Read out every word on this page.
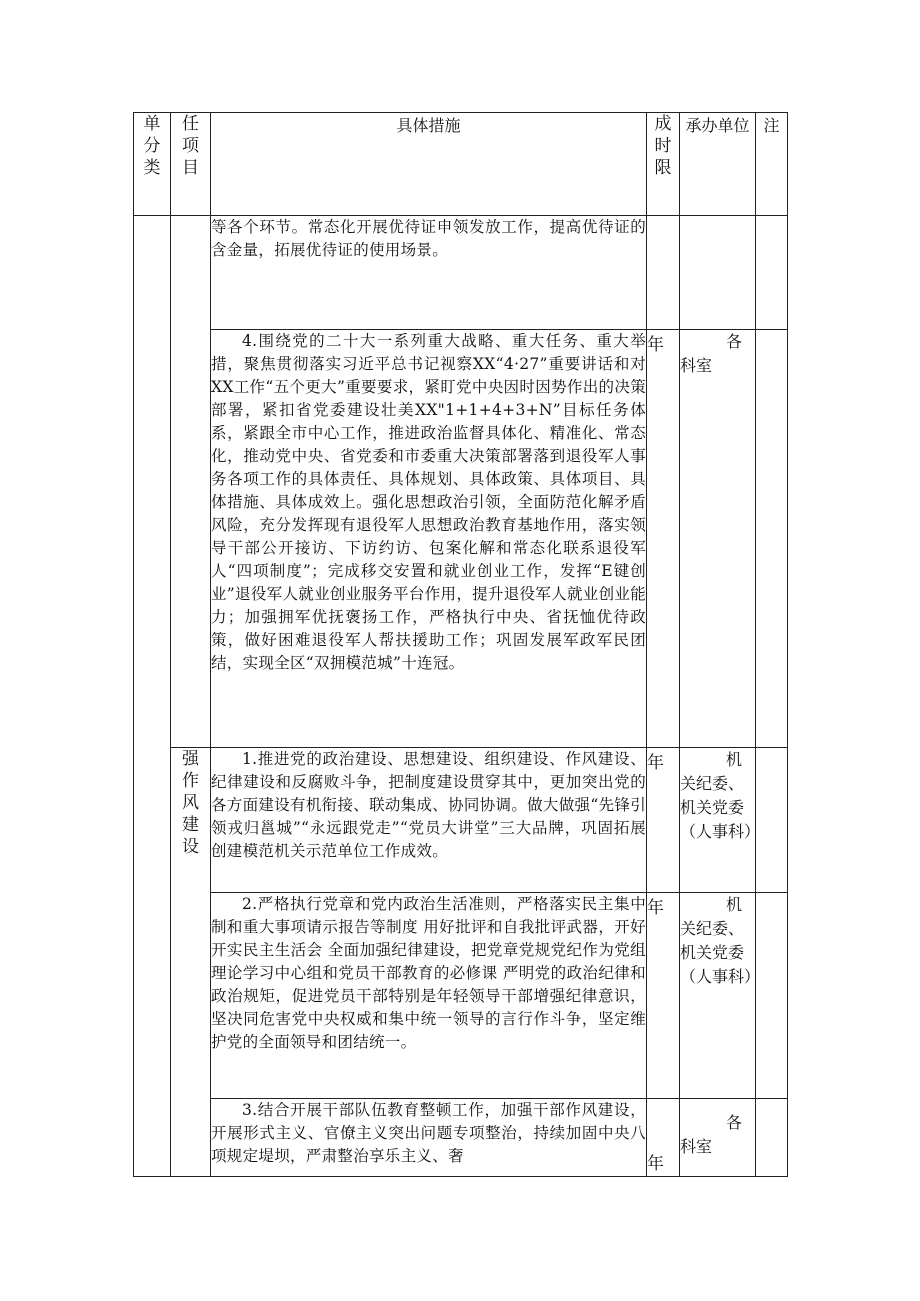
单分类	任项目	具体措施	成时限	承办单位	注

		等各个环节。常态化开展优待证申领发放工作，提高优待证的含金量，拓展优待证的使用场景。			

		4.围绕党的二十大一系列重大战略、重大任务、重大举措，聚焦贯彻落实习近平总书记视察XX“4·27”重要讲话和对XX工作“五个更大”重要要求，紧盯党中央因时因势作出的决策部署，紧扣省党委建设壮美XX"1+1+4+3+N”目标任务体系，紧跟全市中心工作，推进政治监督具体化、精准化、常态化，推动党中央、省党委和市委重大决策部署落到退役军人事务各项工作的具体责任、具体规划、具体政策、具体项目、具体措施、具体成效上。强化思想政治引领，全面防范化解矛盾风险，充分发挥现有退役军人思想政治教育基地作用，落实领导干部公开接访、下访约访、包案化解和常态化联系退役军人“四项制度”；完成移交安置和就业创业工作，发挥“E键创业”退役军人就业创业服务平台作用，提升退役军人就业创业能力；加强拥军优抚褒扬工作，严格执行中央、省抚恤优待政策，做好困难退役军人帮扶援助工作；巩固发展军政军民团结，实现全区“双拥模范城”十连冠。	年	各
科室	

	强作风建设	1.推进党的政治建设、思想建设、组织建设、作风建设、纪律建设和反腐败斗争，把制度建设贯穿其中，更加突出党的各方面建设有机衔接、联动集成、协同协调。做大做强“先锋引领戎归邕城”“永远跟党走”“党员大讲堂”三大品牌，巩固拓展创建模范机关示范单位工作成效。	年	机
关纪委、机关党委（人事科）	

		2.严格执行党章和党内政治生活准则，严格落实民主集中制和重大事项请示报告等制度 用好批评和自我批评武器，开好开实民主生活会 全面加强纪律建设，把党章党规党纪作为党组理论学习中心组和党员干部教育的必修课 严明党的政治纪律和政治规矩，促进党员干部特别是年轻领导干部增强纪律意识，坚决同危害党中央权威和集中统一领导的言行作斗争，坚定维护党的全面领导和团结统一。	年	机
关纪委、机关党委（人事科）	

		3.结合开展干部队伍教育整顿工作，加强干部作风建设，开展形式主义、官僚主义突出问题专项整治，持续加固中央八项规定堤坝，严肃整治享乐主义、奢	年	各
科室	
